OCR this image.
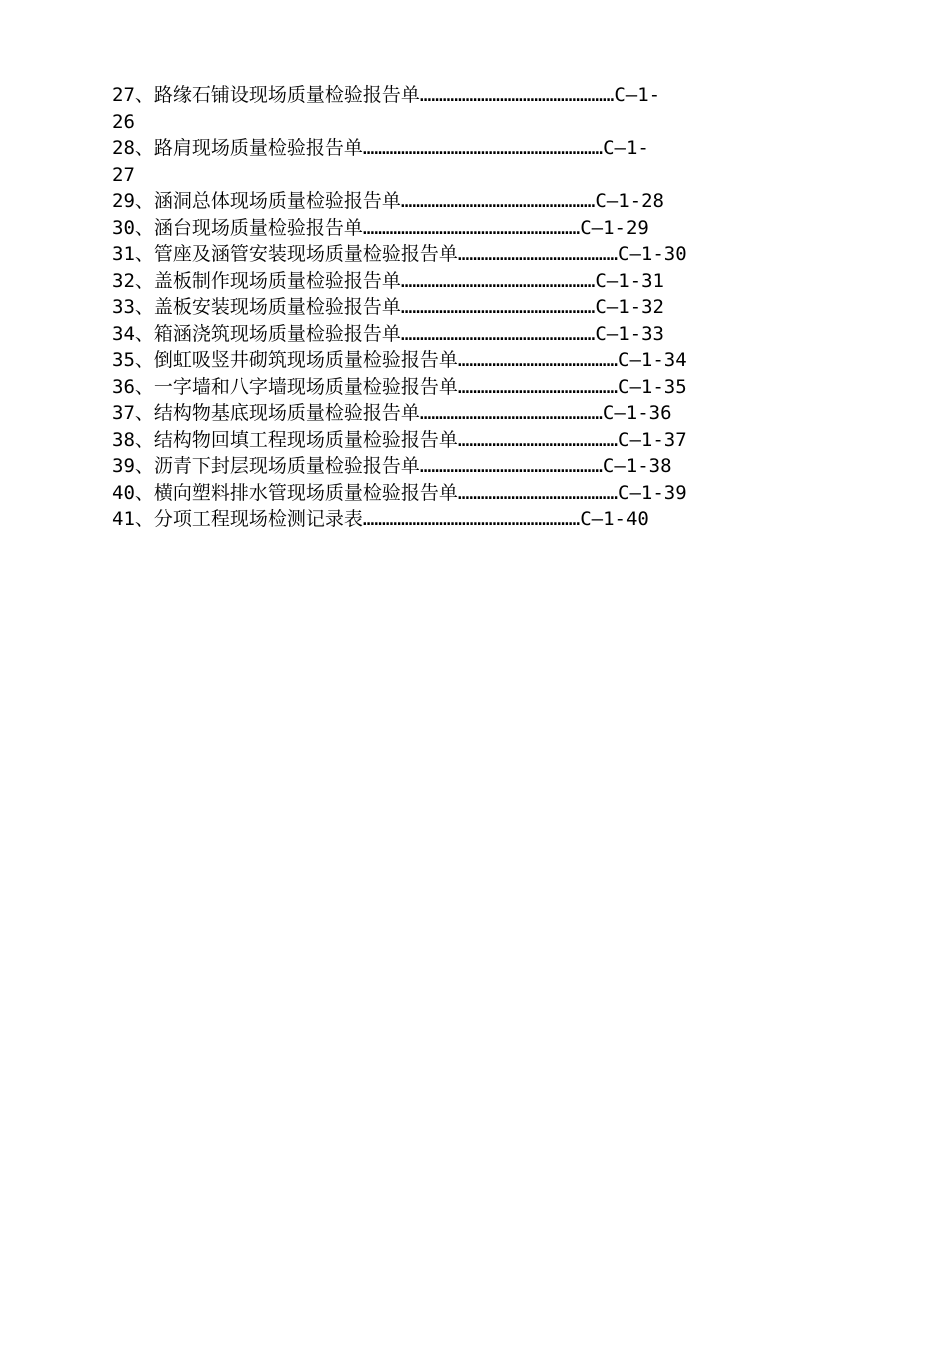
27、路缘石铺设现场质量检验报告单……………………………………………C—1-
26
28、路肩现场质量检验报告单………………………………………………………C—1-
27
29、涵洞总体现场质量检验报告单……………………………………………C—1-28
30、涵台现场质量检验报告单…………………………………………………C—1-29
31、管座及涵管安装现场质量检验报告单……………………………………C—1-30
32、盖板制作现场质量检验报告单……………………………………………C—1-31
33、盖板安装现场质量检验报告单……………………………………………C—1-32
34、箱涵浇筑现场质量检验报告单……………………………………………C—1-33
35、倒虹吸竖井砌筑现场质量检验报告单……………………………………C—1-34
36、一字墙和八字墙现场质量检验报告单……………………………………C—1-35
37、结构物基底现场质量检验报告单…………………………………………C—1-36
38、结构物回填工程现场质量检验报告单……………………………………C—1-37
39、沥青下封层现场质量检验报告单…………………………………………C—1-38
40、横向塑料排水管现场质量检验报告单……………………………………C—1-39
41、分项工程现场检测记录表…………………………………………………C—1-40
